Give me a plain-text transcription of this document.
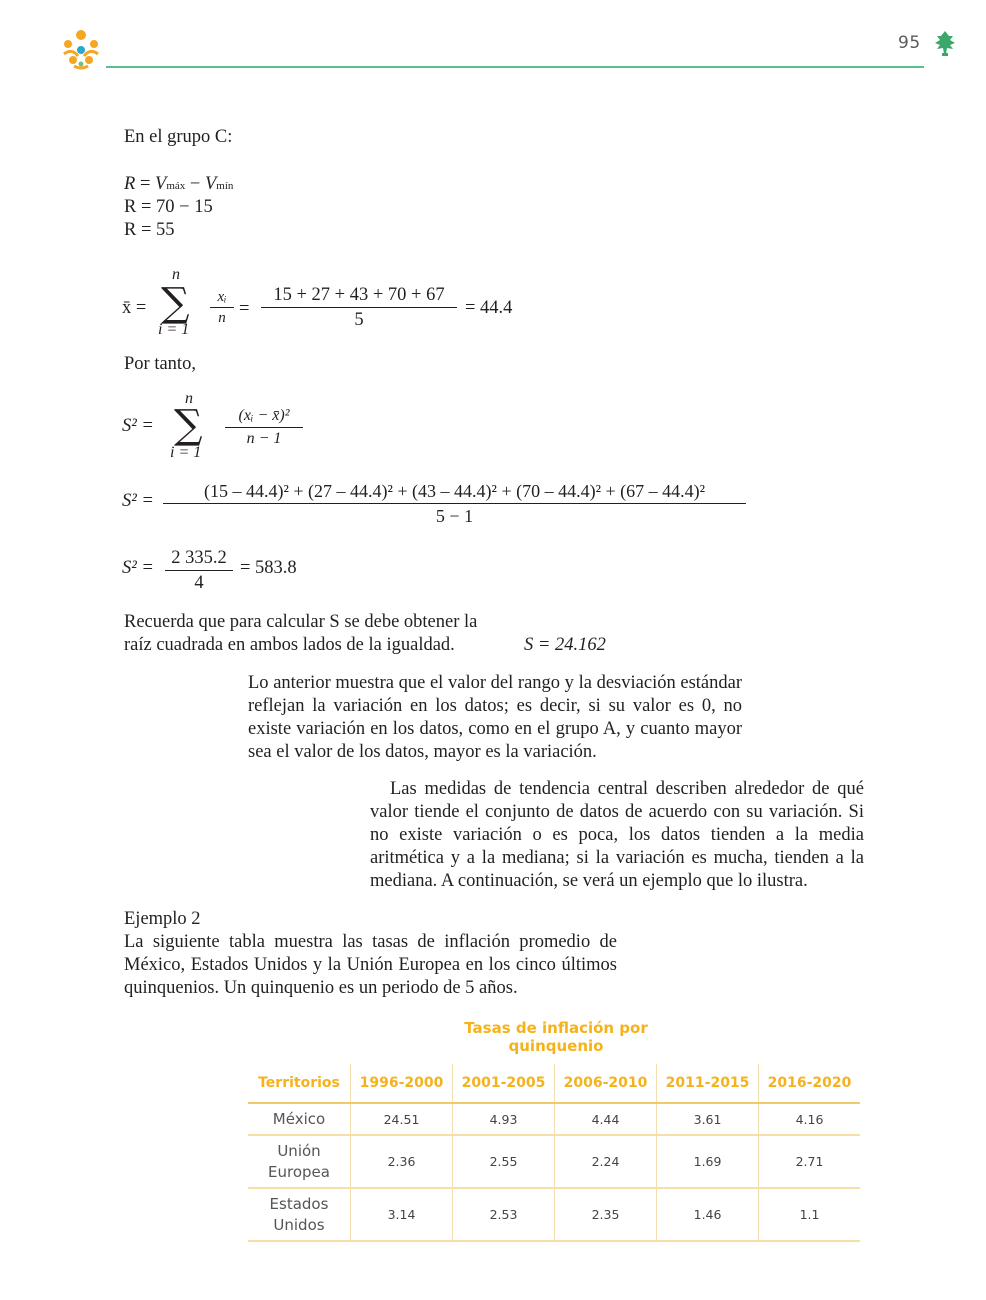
95
En el grupo C:
R = Vmáx − Vmín
R = 70 − 15
R = 55
x̄ =
n
∑
i = 1
xᵢ
n =
15 + 27 + 43 + 70 + 67
5
= 44.4
Por tanto,
S² =
n
∑
i = 1
(xᵢ − x̄)²
n − 1
S² =	(15 – 44.4)² + (27 – 44.4)² + (43 – 44.4)² + (70 – 44.4)² + (67 – 44.4)²
5 − 1
S² = 2 335.2
4
= 583.8
Recuerda que para calcular S se debe obtener la
raíz cuadrada en ambos lados de la igualdad.	S = 24.162
Lo anterior muestra que el valor del rango y la desviación estándar reflejan la variación en los datos; es decir, si su valor es 0, no existe variación en los datos, como en el grupo A, y cuanto mayor sea el valor de los datos, mayor es la variación.
Las medidas de tendencia central describen alrededor de qué valor tiende el conjunto de datos de acuerdo con su variación. Si no existe variación o es poca, los datos tienden a la media aritmética y a la mediana; si la variación es mucha, tienden a la mediana. A continuación, se verá un ejemplo que lo ilustra.
Ejemplo 2
La siguiente tabla muestra las tasas de inflación promedio de México, Estados Unidos y la Unión Europea en los cinco últimos quinquenios. Un quinquenio es un periodo de 5 años.
Tasas de inflación por quinquenio
Territorios	1996-2000	2001-2005	2006-2010	2011-2015	2016-2020
México	24.51	4.93	4.44	3.61	4.16
Unión
Europea	2.36	2.55	2.24	1.69	2.71
Estados
Unidos	3.14	2.53	2.35	1.46	1.1
